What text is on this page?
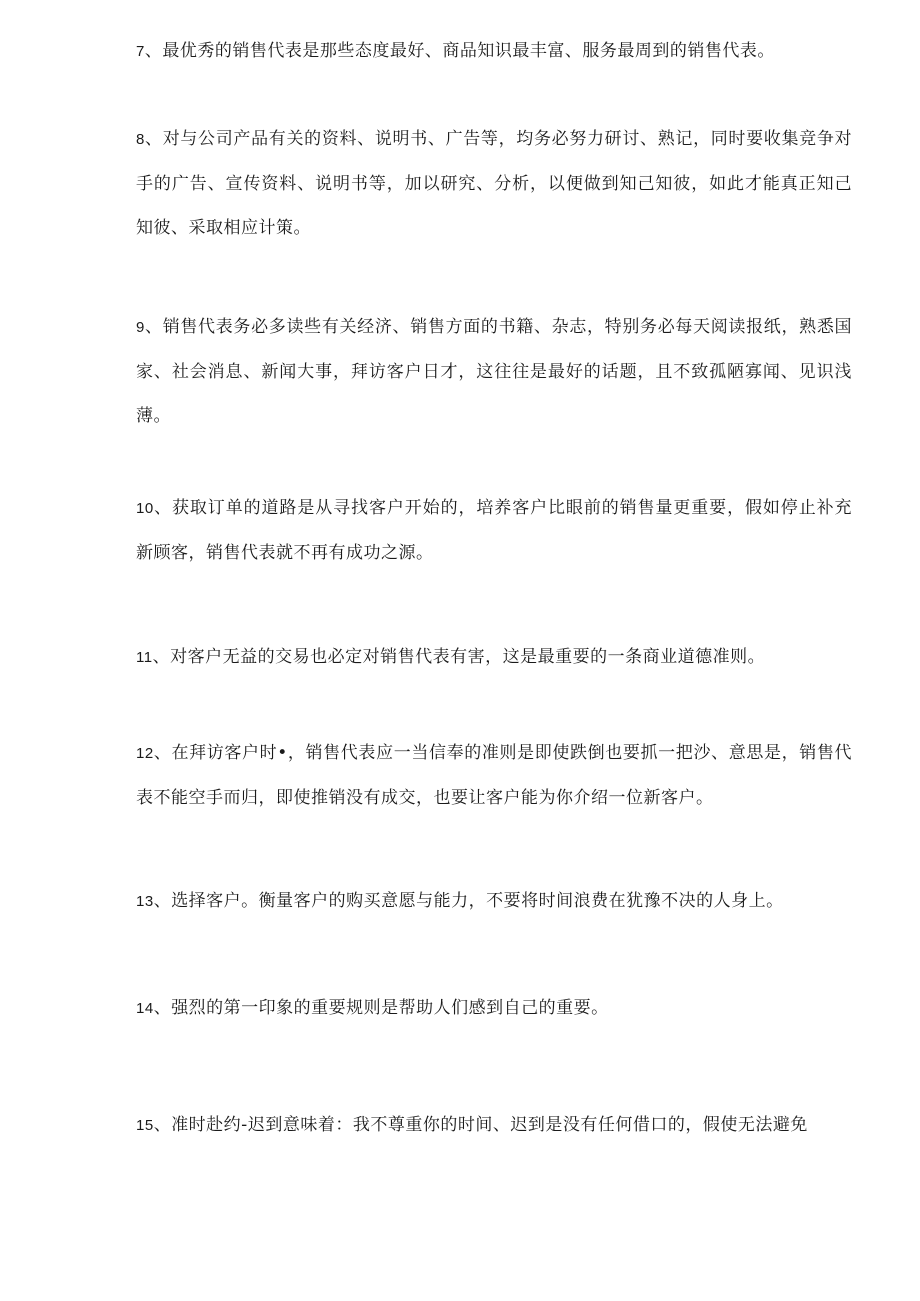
7、最优秀的销售代表是那些态度最好、商品知识最丰富、服务最周到的销售代表。

8、对与公司产品有关的资料、说明书、广告等，均务必努力研讨、熟记，同时要收集竞争对手的广告、宣传资料、说明书等，加以研究、分析，以便做到知己知彼，如此才能真正知己知彼、采取相应计策。

9、销售代表务必多读些有关经济、销售方面的书籍、杂志，特别务必每天阅读报纸，熟悉国家、社会消息、新闻大事，拜访客户日才，这往往是最好的话题，且不致孤陋寡闻、见识浅薄。

10、获取订单的道路是从寻找客户开始的，培养客户比眼前的销售量更重要，假如停止补充新顾客，销售代表就不再有成功之源。

11、对客户无益的交易也必定对销售代表有害，这是最重要的一条商业道德准则。

12、在拜访客户时•，销售代表应一当信奉的准则是即使跌倒也要抓一把沙、意思是，销售代表不能空手而归，即使推销没有成交，也要让客户能为你介绍一位新客户。

13、选择客户。衡量客户的购买意愿与能力，不要将时间浪费在犹豫不决的人身上。

14、强烈的第一印象的重要规则是帮助人们感到自己的重要。

15、准时赴约-迟到意味着：我不尊重你的时间、迟到是没有任何借口的，假使无法避免
